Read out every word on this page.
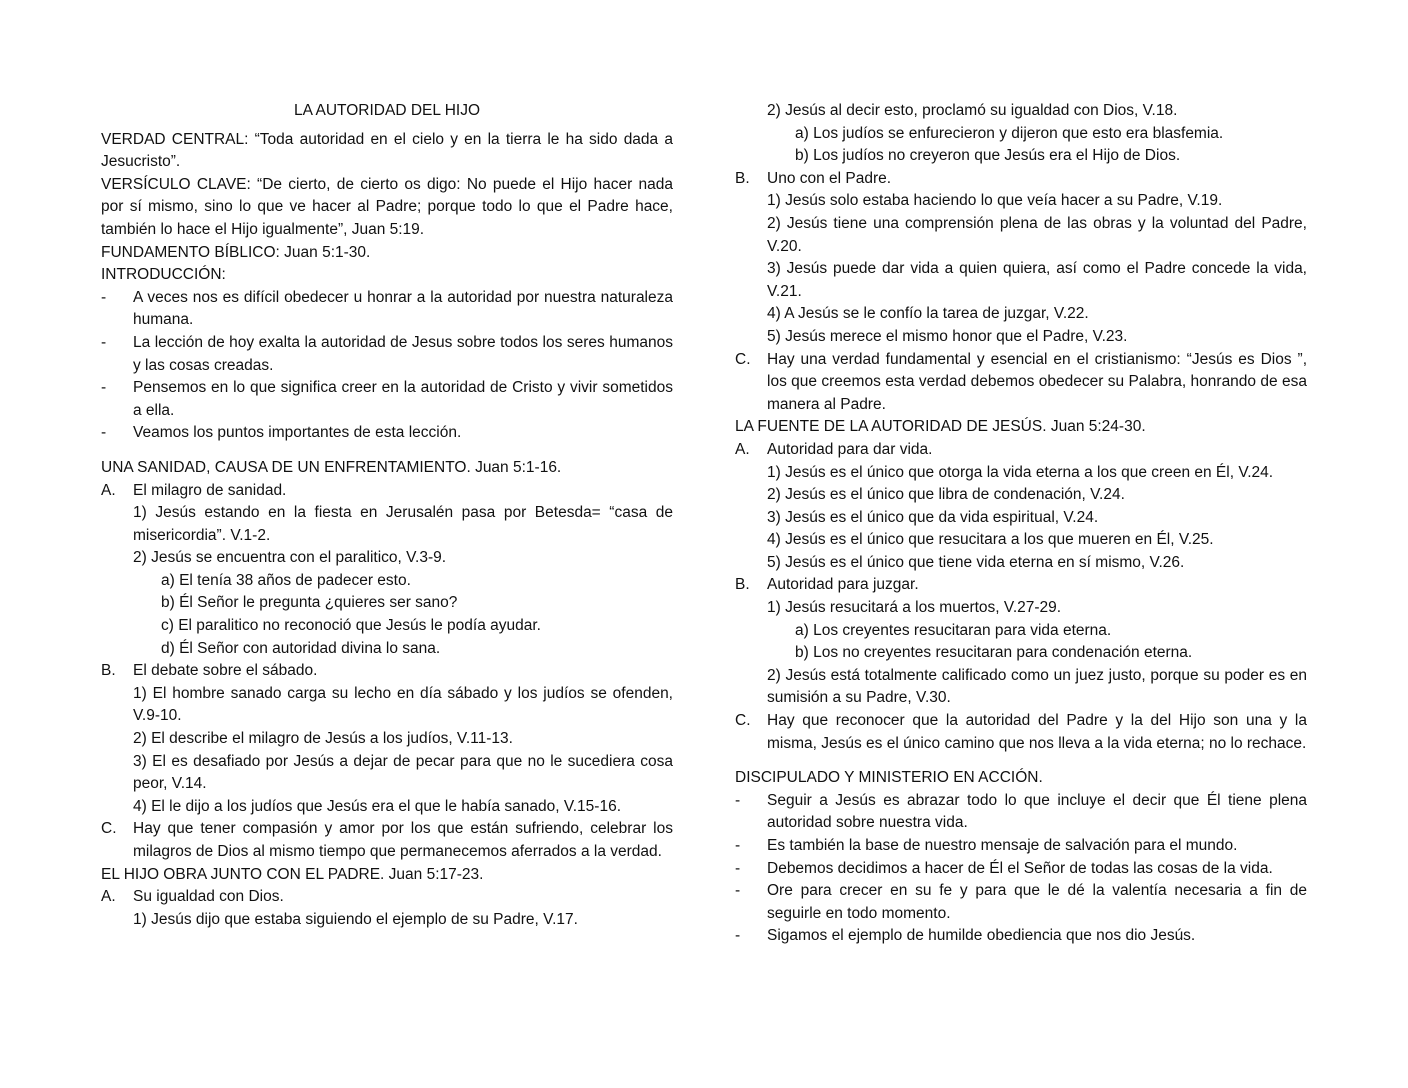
LA AUTORIDAD DEL HIJO

VERDAD CENTRAL: “Toda autoridad en el cielo y en la tierra le ha sido dada a Jesucristo”.

VERSÍCULO CLAVE: “De cierto, de cierto os digo: No puede el Hijo hacer nada por sí mismo, sino lo que ve hacer al Padre; porque todo lo que el Padre hace, también lo hace el Hijo igualmente”, Juan 5:19.

FUNDAMENTO BÍBLICO: Juan 5:1-30.

INTRODUCCIÓN:

-	A veces nos es difícil obedecer u honrar a la autoridad por nuestra naturaleza humana.
-	La lección de hoy exalta la autoridad de Jesus sobre todos los seres humanos y las cosas creadas.
-	Pensemos en lo que significa creer en la autoridad de Cristo y vivir sometidos a ella.
-	Veamos los puntos importantes de esta lección.

UNA SANIDAD, CAUSA DE UN ENFRENTAMIENTO. Juan 5:1-16.

A.	El milagro de sanidad.

1) Jesús estando en la fiesta en Jerusalén pasa por Betesda= “casa de misericordia”. V.1-2.

2) Jesús se encuentra con el paralitico, V.3-9.

a) El tenía 38 años de padecer esto.

b) Él Señor le pregunta ¿quieres ser sano?

c) El paralitico no reconoció que Jesús le podía ayudar.

d) Él Señor con autoridad divina lo sana.

B.	El debate sobre el sábado.

1) El hombre sanado carga su lecho en día sábado y los judíos se ofenden, V.9-10.

2) El describe el milagro de Jesús a los judíos, V.11-13.

3) El es desafiado por Jesús a dejar de pecar para que no le sucediera cosa peor, V.14.

4) El le dijo a los judíos que Jesús era el que le había sanado, V.15-16.

C.	Hay que tener compasión y amor por los que están sufriendo, celebrar los milagros de Dios al mismo tiempo que permanecemos aferrados a la verdad.

EL HIJO OBRA JUNTO CON EL PADRE. Juan 5:17-23.

A.	Su igualdad con Dios.

1) Jesús dijo que estaba siguiendo el ejemplo de su Padre, V.17.

2) Jesús al decir esto, proclamó su igualdad con Dios, V.18.

a) Los judíos se enfurecieron y dijeron que esto era blasfemia.

b) Los judíos no creyeron que Jesús era el Hijo de Dios.

B.	Uno con el Padre.

1) Jesús solo estaba haciendo lo que veía hacer a su Padre, V.19.

2) Jesús tiene una comprensión plena de las obras y la voluntad del Padre, V.20.

3) Jesús puede dar vida a quien quiera, así como el Padre concede la vida, V.21.

4) A Jesús se le confío la tarea de juzgar, V.22.

5) Jesús merece el mismo honor que el Padre, V.23.

C.	Hay una verdad fundamental y esencial en el cristianismo: “Jesús es Dios ”, los que creemos esta verdad debemos obedecer su Palabra, honrando de esa manera al Padre.

LA FUENTE DE LA AUTORIDAD DE JESÚS. Juan 5:24-30.

A.	Autoridad para dar vida.

1) Jesús es el único que otorga la vida eterna a los que creen en Él, V.24.

2) Jesús es el único que libra de condenación, V.24.

3) Jesús es el único que da vida espiritual, V.24.

4) Jesús es el único que resucitara a los que mueren en Él, V.25.

5) Jesús es el único que tiene vida eterna en sí mismo, V.26.

B.	Autoridad para juzgar.

1) Jesús resucitará a los muertos, V.27-29.

a) Los creyentes resucitaran para vida eterna.

b) Los no creyentes resucitaran para condenación eterna.

2) Jesús está totalmente calificado como un juez justo, porque su poder es en sumisión a su Padre, V.30.

C.	Hay que reconocer que la autoridad del Padre y la del Hijo son una y la misma, Jesús es el único camino que nos lleva a la vida eterna; no lo rechace.

DISCIPULADO Y MINISTERIO EN ACCIÓN.

-	Seguir a Jesús es abrazar todo lo que incluye el decir que Él tiene plena autoridad sobre nuestra vida.
-	Es también la base de nuestro mensaje de salvación para el mundo.
-	Debemos decidimos a hacer de Él el Señor de todas las cosas de la vida.
-	Ore para crecer en su fe y para que le dé la valentía necesaria a fin de seguirle en todo momento.
-	Sigamos el ejemplo de humilde obediencia que nos dio Jesús.
